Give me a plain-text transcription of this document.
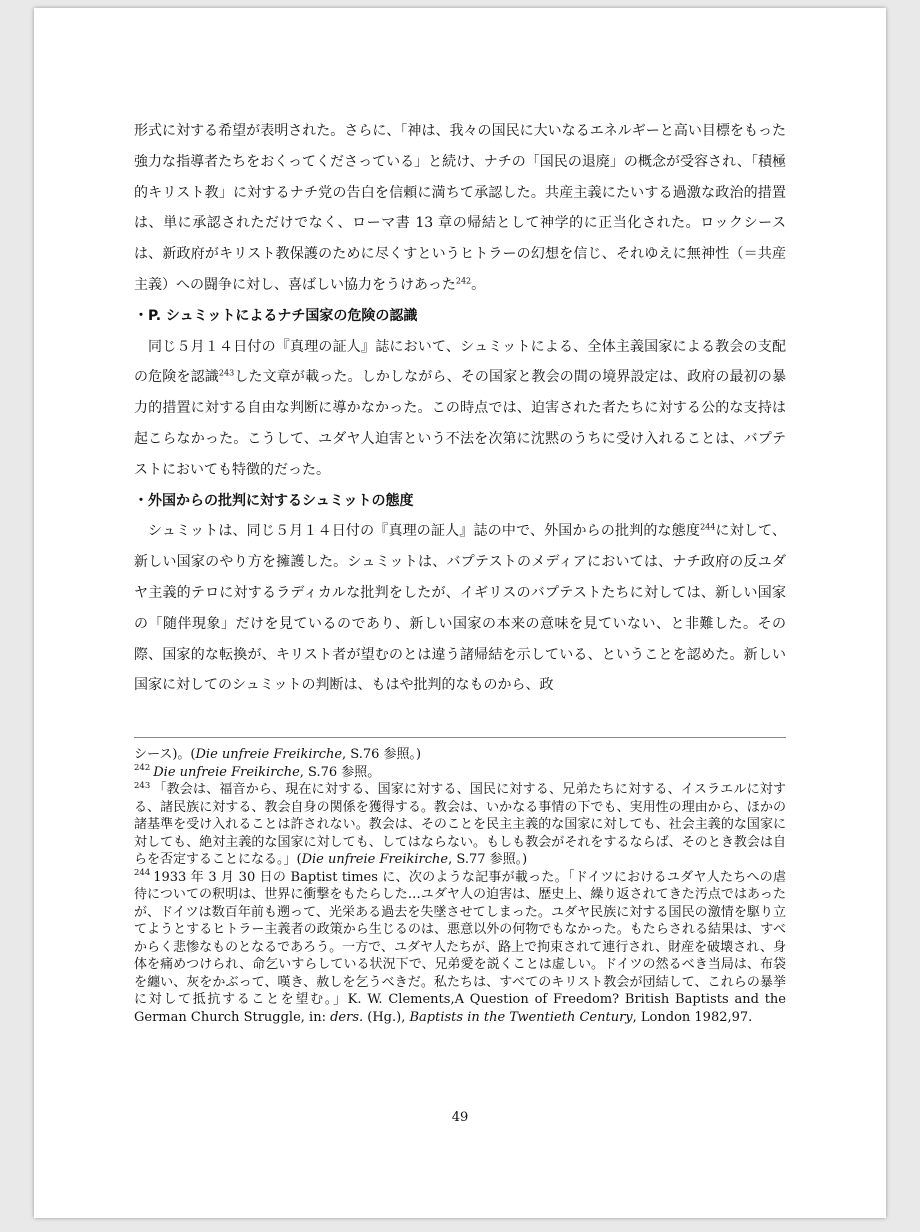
形式に対する希望が表明された。さらに、「神は、我々の国民に大いなるエネルギーと高い目標をもった強力な指導者たちをおくってくださっている」と続け、ナチの「国民の退廃」の概念が受容され、「積極的キリスト教」に対するナチ党の告白を信頼に満ちて承認した。共産主義にたいする過激な政治的措置は、単に承認されただけでなく、ローマ書 13 章の帰結として神学的に正当化された。ロックシースは、新政府がキリスト教保護のために尽くすというヒトラーの幻想を信じ、それゆえに無神性（＝共産主義）への闘争に対し、喜ばしい協力をうけあった$^{242}$。

・P. シュミットによるナチ国家の危険の認識

同じ５月１４日付の『真理の証人』誌において、シュミットによる、全体主義国家による教会の支配の危険を認識$^{243}$した文章が載った。しかしながら、その国家と教会の間の境界設定は、政府の最初の暴力的措置に対する自由な判断に導かなかった。この時点では、迫害された者たちに対する公的な支持は起こらなかった。こうして、ユダヤ人迫害という不法を次第に沈黙のうちに受け入れることは、バプテストにおいても特徴的だった。

・外国からの批判に対するシュミットの態度

シュミットは、同じ５月１４日付の『真理の証人』誌の中で、外国からの批判的な態度$^{244}$に対して、新しい国家のやり方を擁護した。シュミットは、バプテストのメディアにおいては、ナチ政府の反ユダヤ主義的テロに対するラディカルな批判をしたが、イギリスのバプテストたちに対しては、新しい国家の「随伴現象」だけを見ているのであり、新しい国家の本来の意味を見ていない、と非難した。その際、国家的な転換が、キリスト者が望むのとは違う諸帰結を示している、ということを認めた。新しい国家に対してのシュミットの判断は、もはや批判的なものから、政

シース)。(Die unfreie Freikirche, S.76 参照。)

$^{242}$ Die unfreie Freikirche, S.76 参照。

$^{243}$ 「教会は、福音から、現在に対する、国家に対する、国民に対する、兄弟たちに対する、イスラエルに対する、諸民族に対する、教会自身の関係を獲得する。教会は、いかなる事情の下でも、実用性の理由から、ほかの諸基準を受け入れることは許されない。教会は、そのことを民主主義的な国家に対しても、社会主義的な国家に対しても、絶対主義的な国家に対しても、してはならない。もしも教会がそれをするならば、そのとき教会は自らを否定することになる。」(Die unfreie Freikirche, S.77 参照。)

$^{244}$ 1933 年 3 月 30 日の Baptist times に、次のような記事が載った。「ドイツにおけるユダヤ人たちへの虐待についての釈明は、世界に衝撃をもたらした…ユダヤ人の迫害は、歴史上、繰り返されてきた汚点ではあったが、ドイツは数百年前も遡って、光栄ある過去を失墜させてしまった。ユダヤ民族に対する国民の激情を駆り立てようとするヒトラー主義者の政策から生じるのは、悪意以外の何物でもなかった。もたらされる結果は、すべからく悲惨なものとなるであろう。一方で、ユダヤ人たちが、路上で拘束されて連行され、財産を破壊され、身体を痛めつけられ、命乞いすらしている状況下で、兄弟愛を説くことは虚しい。ドイツの然るべき当局は、布袋を纏い、灰をかぶって、嘆き、赦しを乞うべきだ。私たちは、すべてのキリスト教会が団結して、これらの暴挙に対して抵抗することを望む。」K. W. Clements,A Question of Freedom? British Baptists and the German Church Struggle, in: ders. (Hg.), Baptists in the Twentieth Century, London 1982,97.

49
